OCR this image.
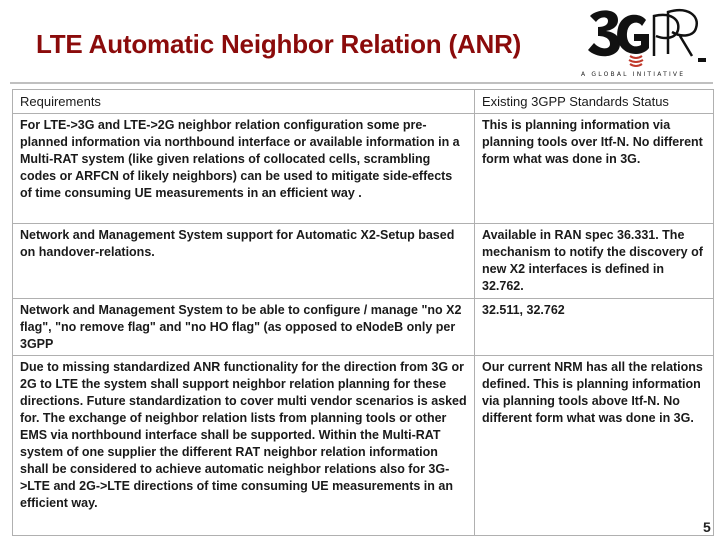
LTE Automatic Neighbor Relation (ANR)
A GLOBAL INITIATIVE
Requirements	Existing 3GPP Standards Status
For LTE->3G and LTE->2G neighbor relation configuration some pre-planned information via northbound interface or available information in a Multi-RAT system (like given relations of collocated cells, scrambling codes or ARFCN of likely neighbors) can be used to mitigate side-effects of time consuming UE measurements in an efficient way .	This is planning information via planning tools over Itf-N. No different form what was done in 3G.
Network and Management System support for Automatic X2-Setup based on handover-relations.	Available in RAN spec 36.331. The mechanism to notify the discovery of new X2 interfaces is defined in 32.762.
Network and Management System to be able to configure / manage "no X2 flag", "no remove flag" and "no HO flag" (as opposed to eNodeB only per 3GPP	32.511, 32.762
Due to missing standardized ANR functionality for the direction from 3G or 2G to LTE the system shall support neighbor relation planning for these directions. Future standardization to cover multi vendor scenarios is asked for. The exchange of neighbor relation lists from planning tools or other EMS via northbound interface shall be supported. Within the Multi-RAT system of one supplier the different RAT neighbor relation information shall be considered to achieve automatic neighbor relations also for 3G->LTE and 2G->LTE directions of time consuming UE measurements in an efficient way.	Our current NRM has all the relations defined. This is planning information via planning tools above Itf-N. No different form what was done in 3G.
5
